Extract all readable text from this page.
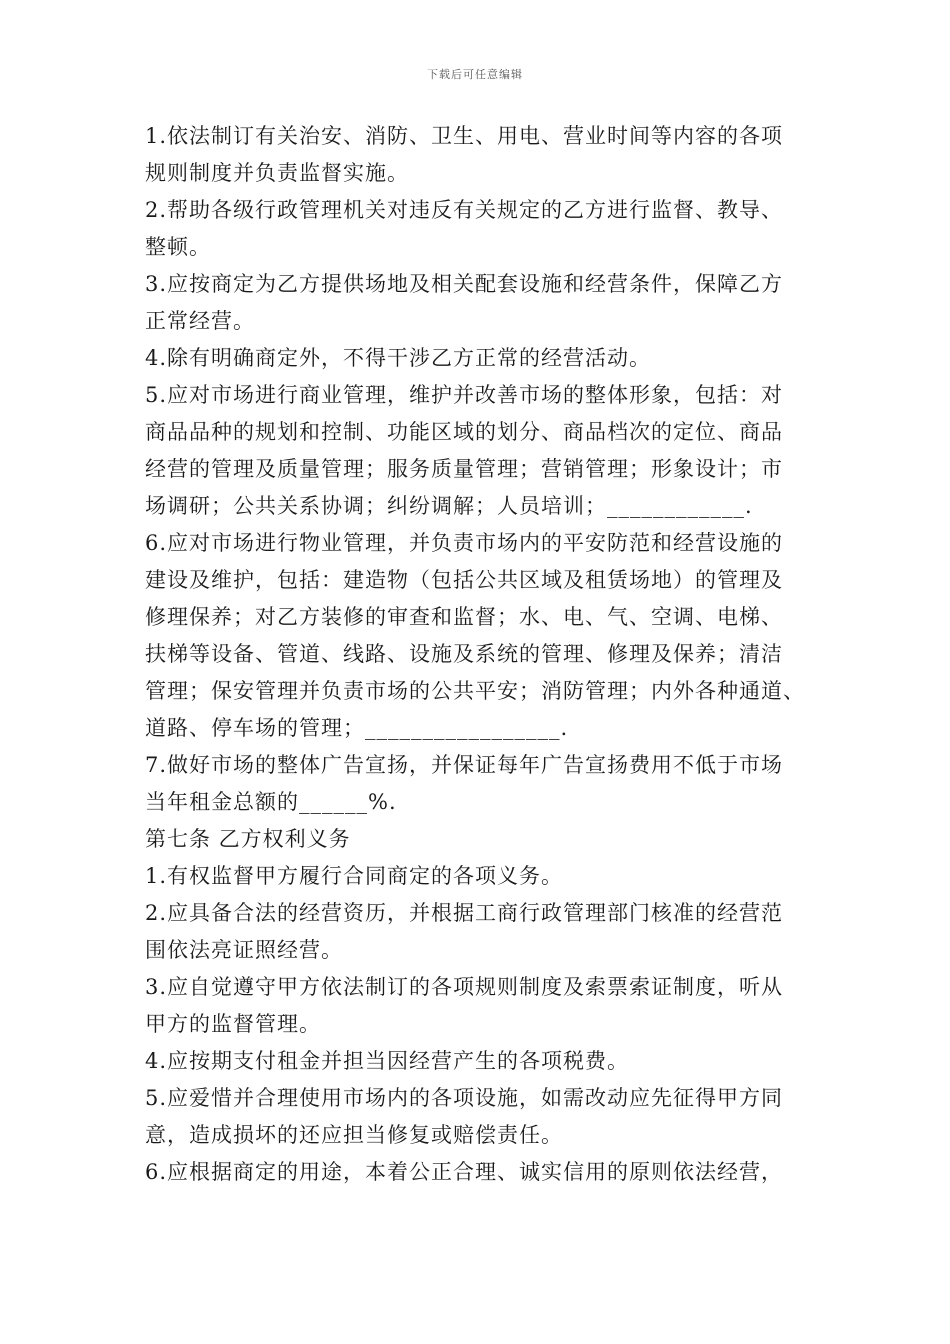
下载后可任意编辑
1.依法制订有关治安、消防、卫生、用电、营业时间等内容的各项
规则制度并负责监督实施。
2.帮助各级行政管理机关对违反有关规定的乙方进行监督、教导、
整顿。
3.应按商定为乙方提供场地及相关配套设施和经营条件，保障乙方
正常经营。
4.除有明确商定外，不得干涉乙方正常的经营活动。
5.应对市场进行商业管理，维护并改善市场的整体形象，包括：对
商品品种的规划和控制、功能区域的划分、商品档次的定位、商品
经营的管理及质量管理；服务质量管理；营销管理；形象设计；市
场调研；公共关系协调；纠纷调解；人员培训；____________.
6.应对市场进行物业管理，并负责市场内的平安防范和经营设施的
建设及维护，包括：建造物（包括公共区域及租赁场地）的管理及
修理保养；对乙方装修的审查和监督；水、电、气、空调、电梯、
扶梯等设备、管道、线路、设施及系统的管理、修理及保养；清洁
管理；保安管理并负责市场的公共平安；消防管理；内外各种通道、
道路、停车场的管理；_________________.
7.做好市场的整体广告宣扬，并保证每年广告宣扬费用不低于市场
当年租金总额的______%.
第七条 乙方权利义务
1.有权监督甲方履行合同商定的各项义务。
2.应具备合法的经营资历，并根据工商行政管理部门核准的经营范
围依法亮证照经营。
3.应自觉遵守甲方依法制订的各项规则制度及索票索证制度，听从
甲方的监督管理。
4.应按期支付租金并担当因经营产生的各项税费。
5.应爱惜并合理使用市场内的各项设施，如需改动应先征得甲方同
意，造成损坏的还应担当修复或赔偿责任。
6.应根据商定的用途，本着公正合理、诚实信用的原则依法经营，
